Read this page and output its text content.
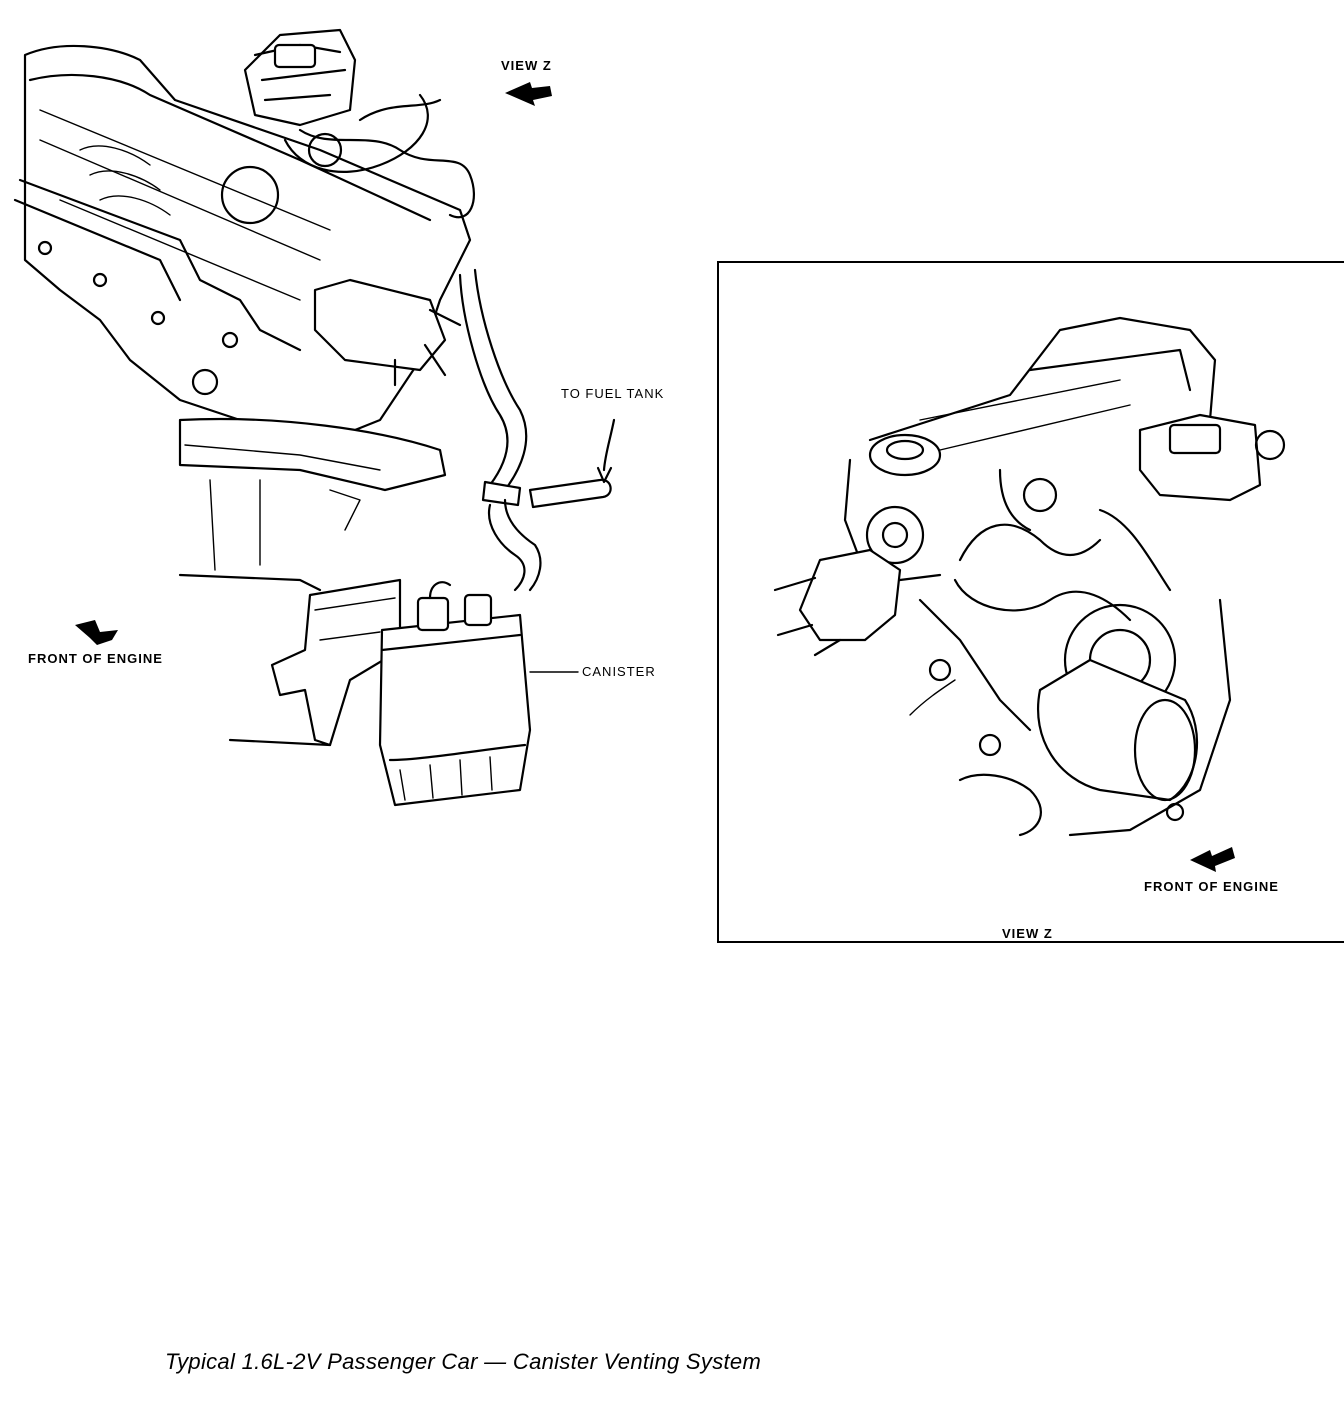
VIEW Z
TO FUEL TANK
FRONT OF ENGINE
CANISTER
FRONT OF ENGINE
VIEW Z
Typical 1.6L-2V Passenger Car — Canister Venting System
